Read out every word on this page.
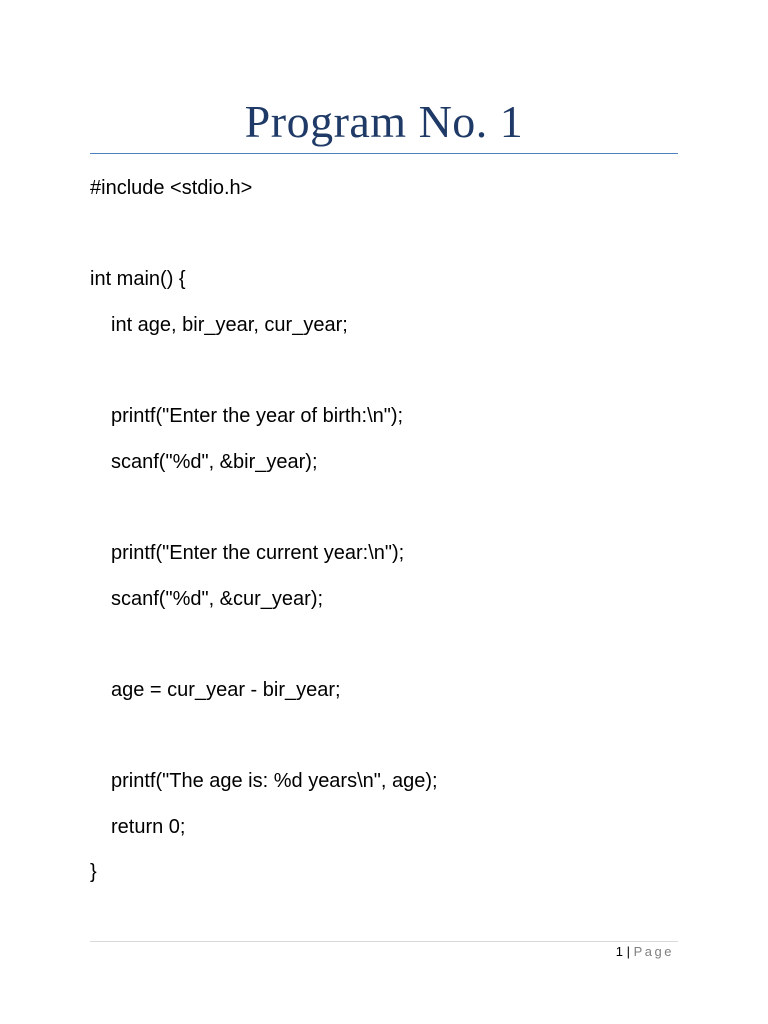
Program No. 1
#include <stdio.h>
int main() {
int age, bir_year, cur_year;
printf("Enter the year of birth:\n");
scanf("%d", &bir_year);
printf("Enter the current year:\n");
scanf("%d", &cur_year);
age = cur_year - bir_year;
printf("The age is: %d years\n", age);
return 0;
}
1 | Page
